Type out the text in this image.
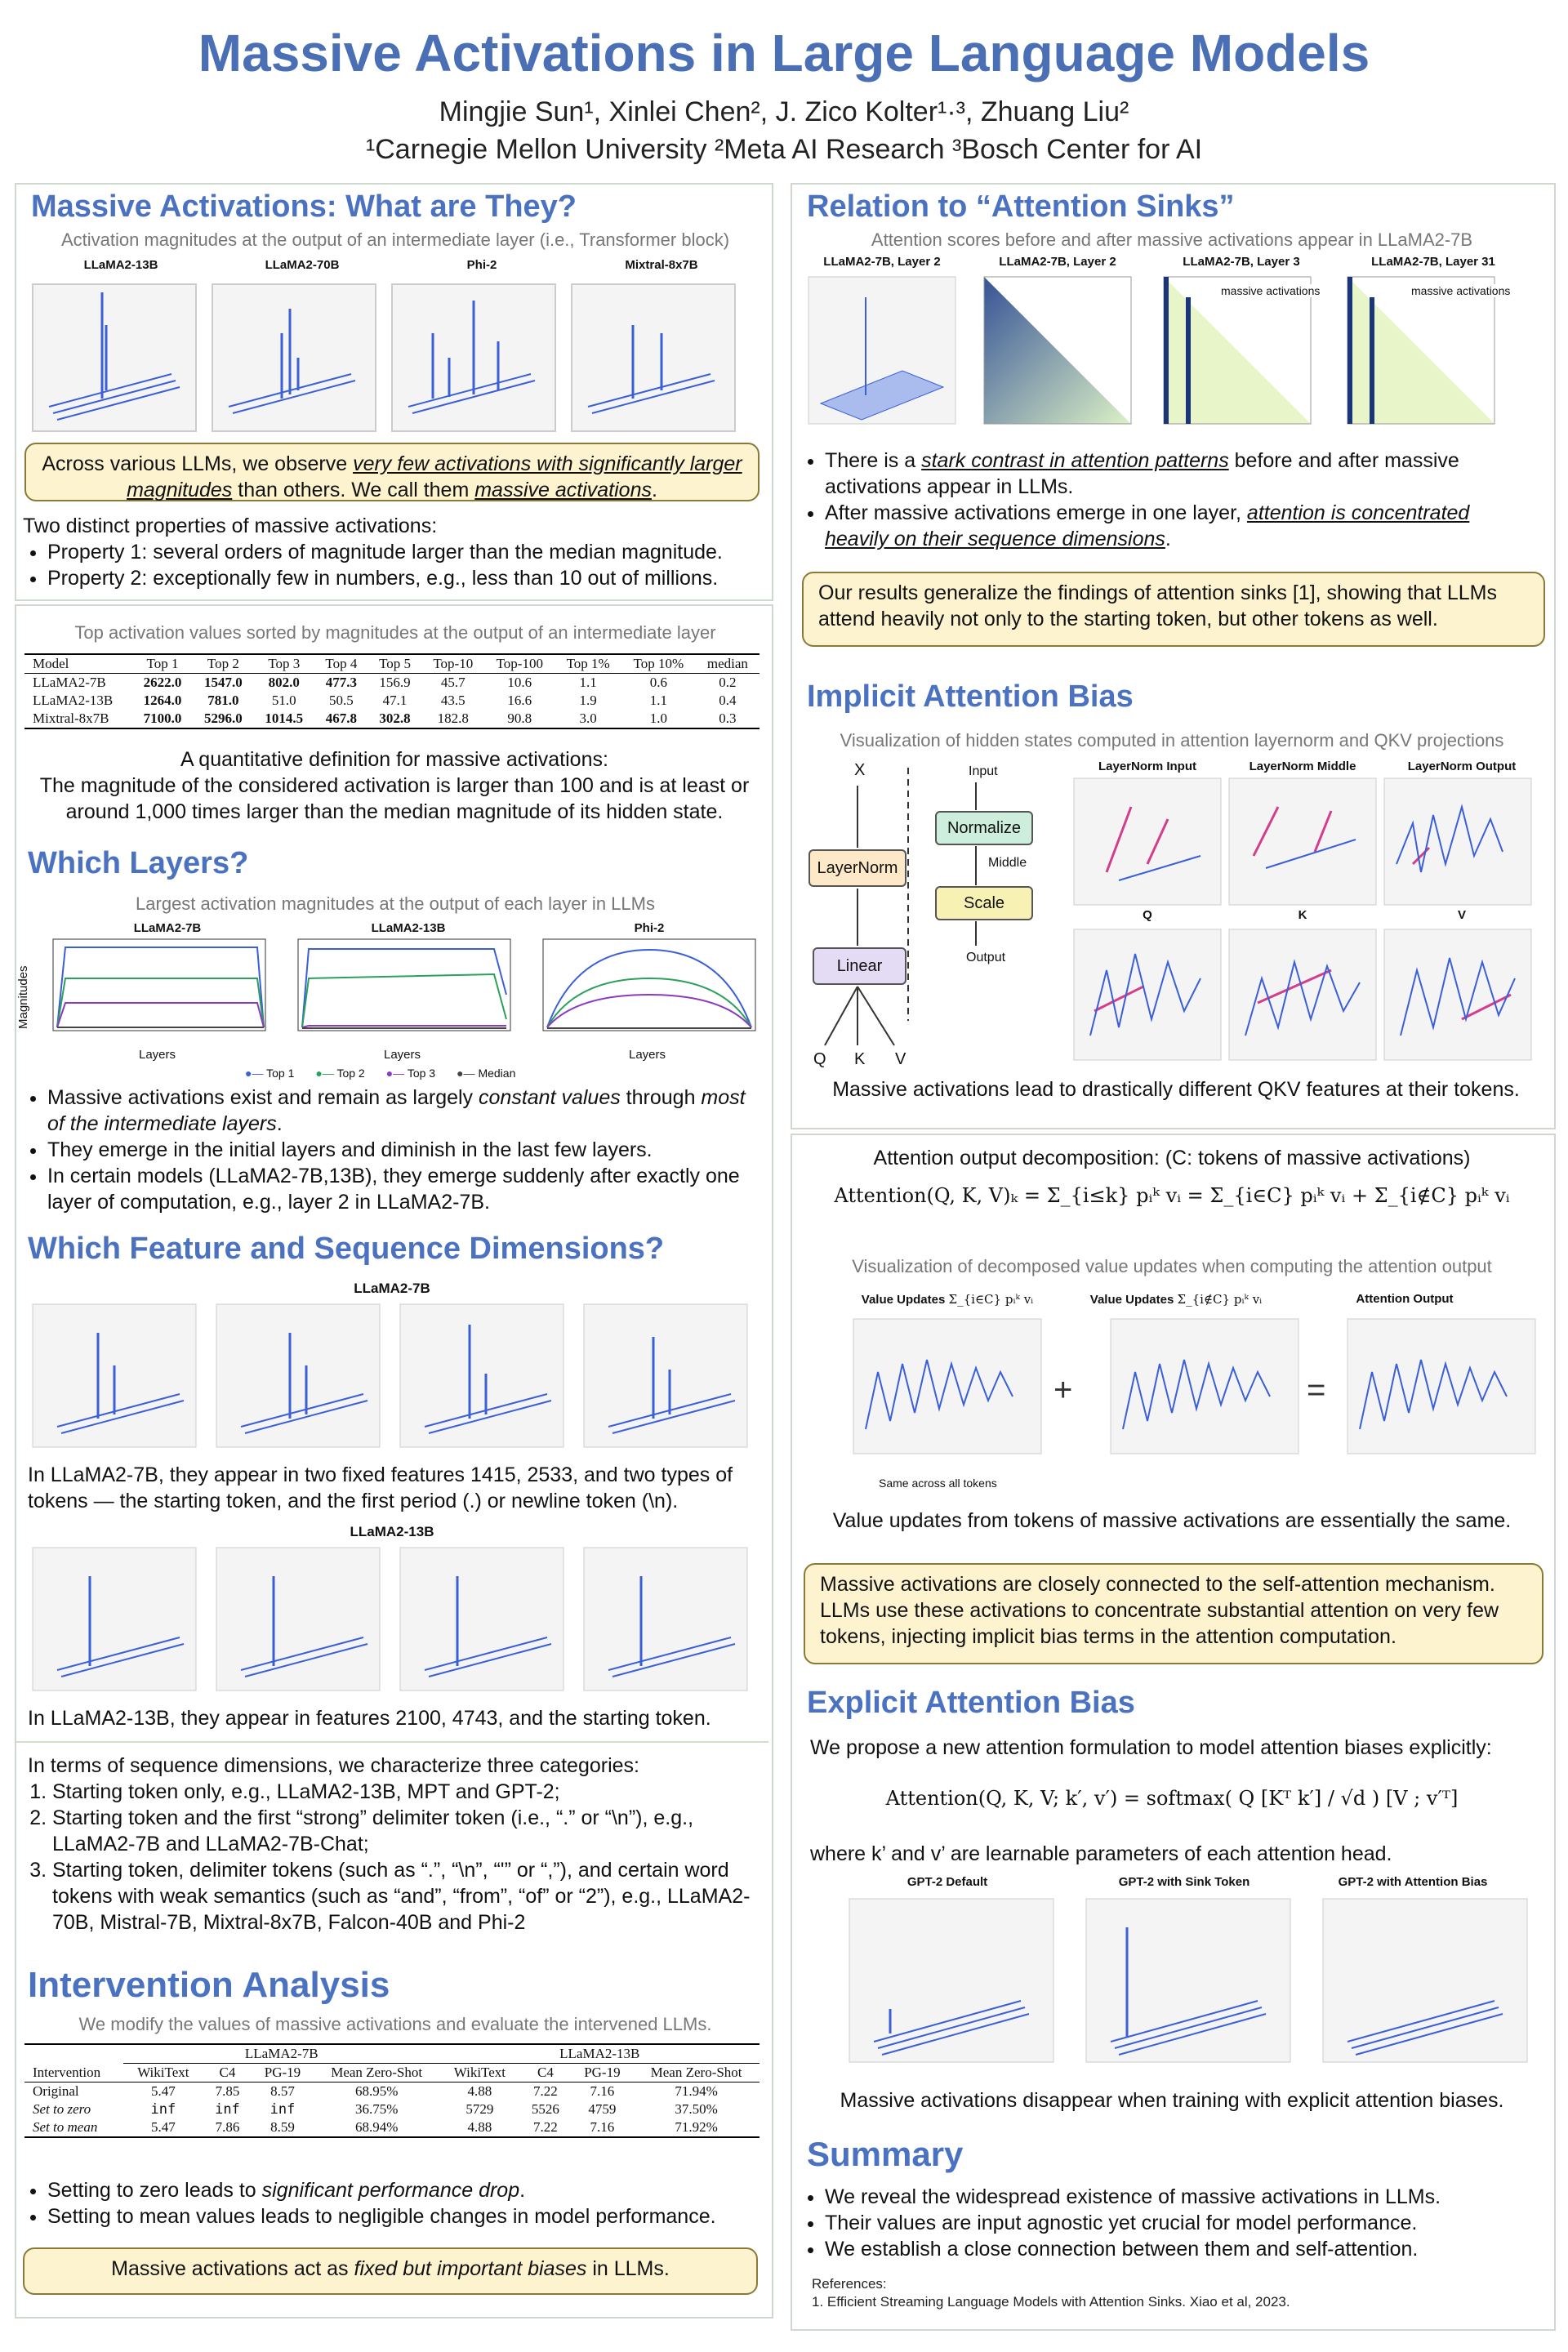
Massive Activations in Large Language Models
Mingjie Sun¹, Xinlei Chen², J. Zico Kolter¹·³, Zhuang Liu²
¹Carnegie Mellon University ²Meta AI Research ³Bosch Center for AI
Massive Activations: What are They?
Activation magnitudes at the output of an intermediate layer (i.e., Transformer block)
LLaMA2-13B	LLaMA2-70B	Phi-2	Mixtral-8x7B
Across various LLMs, we observe very few activations with significantly larger magnitudes than others. We call them massive activations.
Two distinct properties of massive activations:
• Property 1: several orders of magnitude larger than the median magnitude.
• Property 2: exceptionally few in numbers, e.g., less than 10 out of millions.
Top activation values sorted by magnitudes at the output of an intermediate layer
Model	Top 1	Top 2	Top 3	Top 4	Top 5	Top-10	Top-100	Top 1%	Top 10%	median
LLaMA2-7B	2622.0	1547.0	802.0	477.3	156.9	45.7	10.6	1.1	0.6	0.2
LLaMA2-13B	1264.0	781.0	51.0	50.5	47.1	43.5	16.6	1.9	1.1	0.4
Mixtral-8x7B	7100.0	5296.0	1014.5	467.8	302.8	182.8	90.8	3.0	1.0	0.3
A quantitative definition for massive activations:
The magnitude of the considered activation is larger than 100 and is at least or around 1,000 times larger than the median magnitude of its hidden state.
Which Layers?
Largest activation magnitudes at the output of each layer in LLMs
LLaMA2-7B	LLaMA2-13B	Phi-2
Magnitudes
Layers	Layers	Layers
●— Top 1 ●— Top 2 ●— Top 3 ●— Median
• Massive activations exist and remain as largely constant values through most of the intermediate layers.
• They emerge in the initial layers and diminish in the last few layers.
• In certain models (LLaMA2-7B,13B), they emerge suddenly after exactly one layer of computation, e.g., layer 2 in LLaMA2-7B.
Which Feature and Sequence Dimensions?
LLaMA2-7B
In LLaMA2-7B, they appear in two fixed features 1415, 2533, and two types of tokens — the starting token, and the first period (.) or newline token (\n).
LLaMA2-13B
In LLaMA2-13B, they appear in features 2100, 4743, and the starting token.
In terms of sequence dimensions, we characterize three categories:
1. Starting token only, e.g., LLaMA2-13B, MPT and GPT-2;
2. Starting token and the first “strong” delimiter token (i.e., “.” or “\n”), e.g., LLaMA2-7B and LLaMA2-7B-Chat;
3. Starting token, delimiter tokens (such as “.”, “\n”, “'” or “,”), and certain word tokens with weak semantics (such as “and”, “from”, “of” or “2”), e.g., LLaMA2-70B, Mistral-7B, Mixtral-8x7B, Falcon-40B and Phi-2
Intervention Analysis
We modify the values of massive activations and evaluate the intervened LLMs.
	LLaMA2-7B				LLaMA2-13B			
Intervention	WikiText	C4	PG-19	Mean Zero-Shot	WikiText	C4	PG-19	Mean Zero-Shot
Original	5.47	7.85	8.57	68.95%	4.88	7.22	7.16	71.94%
Set to zero	inf	inf	inf	36.75%	5729	5526	4759	37.50%
Set to mean	5.47	7.86	8.59	68.94%	4.88	7.22	7.16	71.92%
• Setting to zero leads to significant performance drop.
• Setting to mean values leads to negligible changes in model performance.
Massive activations act as fixed but important biases in LLMs.
Relation to “Attention Sinks”
Attention scores before and after massive activations appear in LLaMA2-7B
LLaMA2-7B, Layer 2	LLaMA2-7B, Layer 2	LLaMA2-7B, Layer 3	LLaMA2-7B, Layer 31
massive activations	massive activations
• There is a stark contrast in attention patterns before and after massive activations appear in LLMs.
• After massive activations emerge in one layer, attention is concentrated heavily on their sequence dimensions.
Our results generalize the findings of attention sinks [1], showing that LLMs attend heavily not only to the starting token, but other tokens as well.
Implicit Attention Bias
Visualization of hidden states computed in attention layernorm and QKV projections
X
LayerNorm
Linear
Q K V
Input
Normalize
Middle
Scale
Output
LayerNorm Input	LayerNorm Middle	LayerNorm Output
Q	K	V
Massive activations lead to drastically different QKV features at their tokens.
Attention output decomposition: (C: tokens of massive activations)
Attention(Q, K, V)ₖ = Σ_{i≤k} pᵢᵏ vᵢ = Σ_{i∈C} pᵢᵏ vᵢ + Σ_{i∉C} pᵢᵏ vᵢ
Visualization of decomposed value updates when computing the attention output
Value Updates Σ_{i∈C} pᵢᵏ vᵢ	Value Updates Σ_{i∉C} pᵢᵏ vᵢ	Attention Output
+	=
Same across all tokens
Value updates from tokens of massive activations are essentially the same.
Massive activations are closely connected to the self-attention mechanism. LLMs use these activations to concentrate substantial attention on very few tokens, injecting implicit bias terms in the attention computation.
Explicit Attention Bias
We propose a new attention formulation to model attention biases explicitly:
Attention(Q, K, V; k′, v′) = softmax( Q [Kᵀ k′] / √d ) [V ; v′ᵀ]
where k’ and v’ are learnable parameters of each attention head.
GPT-2 Default	GPT-2 with Sink Token	GPT-2 with Attention Bias
Massive activations disappear when training with explicit attention biases.
Summary
• We reveal the widespread existence of massive activations in LLMs.
• Their values are input agnostic yet crucial for model performance.
• We establish a close connection between them and self-attention.
References:
1. Efficient Streaming Language Models with Attention Sinks. Xiao et al, 2023.
